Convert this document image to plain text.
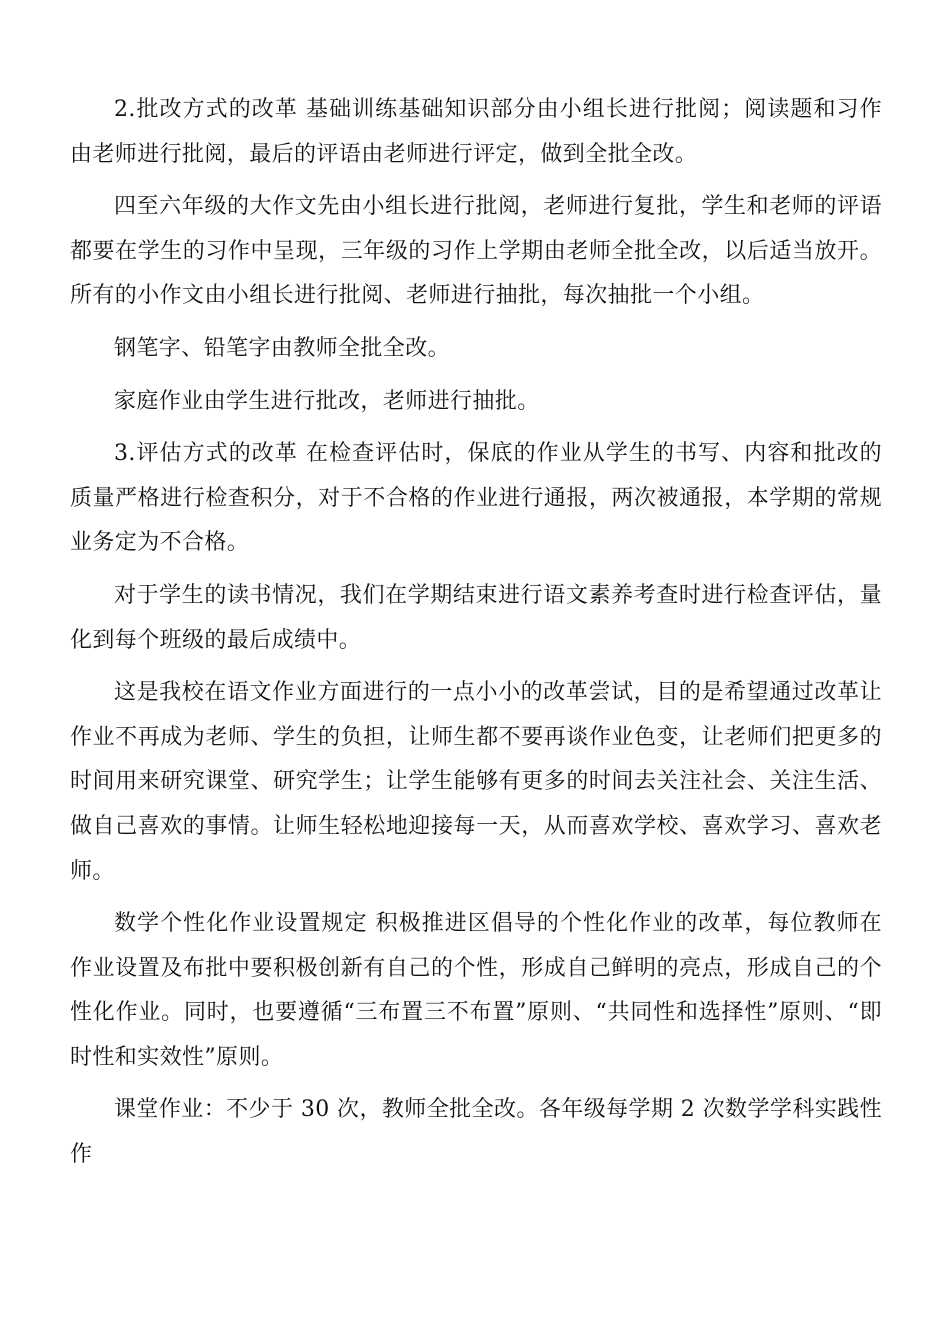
2.批改方式的改革 基础训练基础知识部分由小组长进行批阅；阅读题和习作由老师进行批阅，最后的评语由老师进行评定，做到全批全改。

四至六年级的大作文先由小组长进行批阅，老师进行复批，学生和老师的评语都要在学生的习作中呈现，三年级的习作上学期由老师全批全改，以后适当放开。所有的小作文由小组长进行批阅、老师进行抽批，每次抽批一个小组。

钢笔字、铅笔字由教师全批全改。

家庭作业由学生进行批改，老师进行抽批。

3.评估方式的改革 在检查评估时，保底的作业从学生的书写、内容和批改的质量严格进行检查积分，对于不合格的作业进行通报，两次被通报，本学期的常规业务定为不合格。

对于学生的读书情况，我们在学期结束进行语文素养考查时进行检查评估，量化到每个班级的最后成绩中。

这是我校在语文作业方面进行的一点小小的改革尝试，目的是希望通过改革让作业不再成为老师、学生的负担，让师生都不要再谈作业色变，让老师们把更多的时间用来研究课堂、研究学生；让学生能够有更多的时间去关注社会、关注生活、做自己喜欢的事情。让师生轻松地迎接每一天，从而喜欢学校、喜欢学习、喜欢老师。

数学个性化作业设置规定 积极推进区倡导的个性化作业的改革，每位教师在作业设置及布批中要积极创新有自己的个性，形成自己鲜明的亮点，形成自己的个性化作业。同时，也要遵循“三布置三不布置”原则、“共同性和选择性”原则、“即时性和实效性”原则。

课堂作业：不少于 30 次，教师全批全改。各年级每学期 2 次数学学科实践性作
